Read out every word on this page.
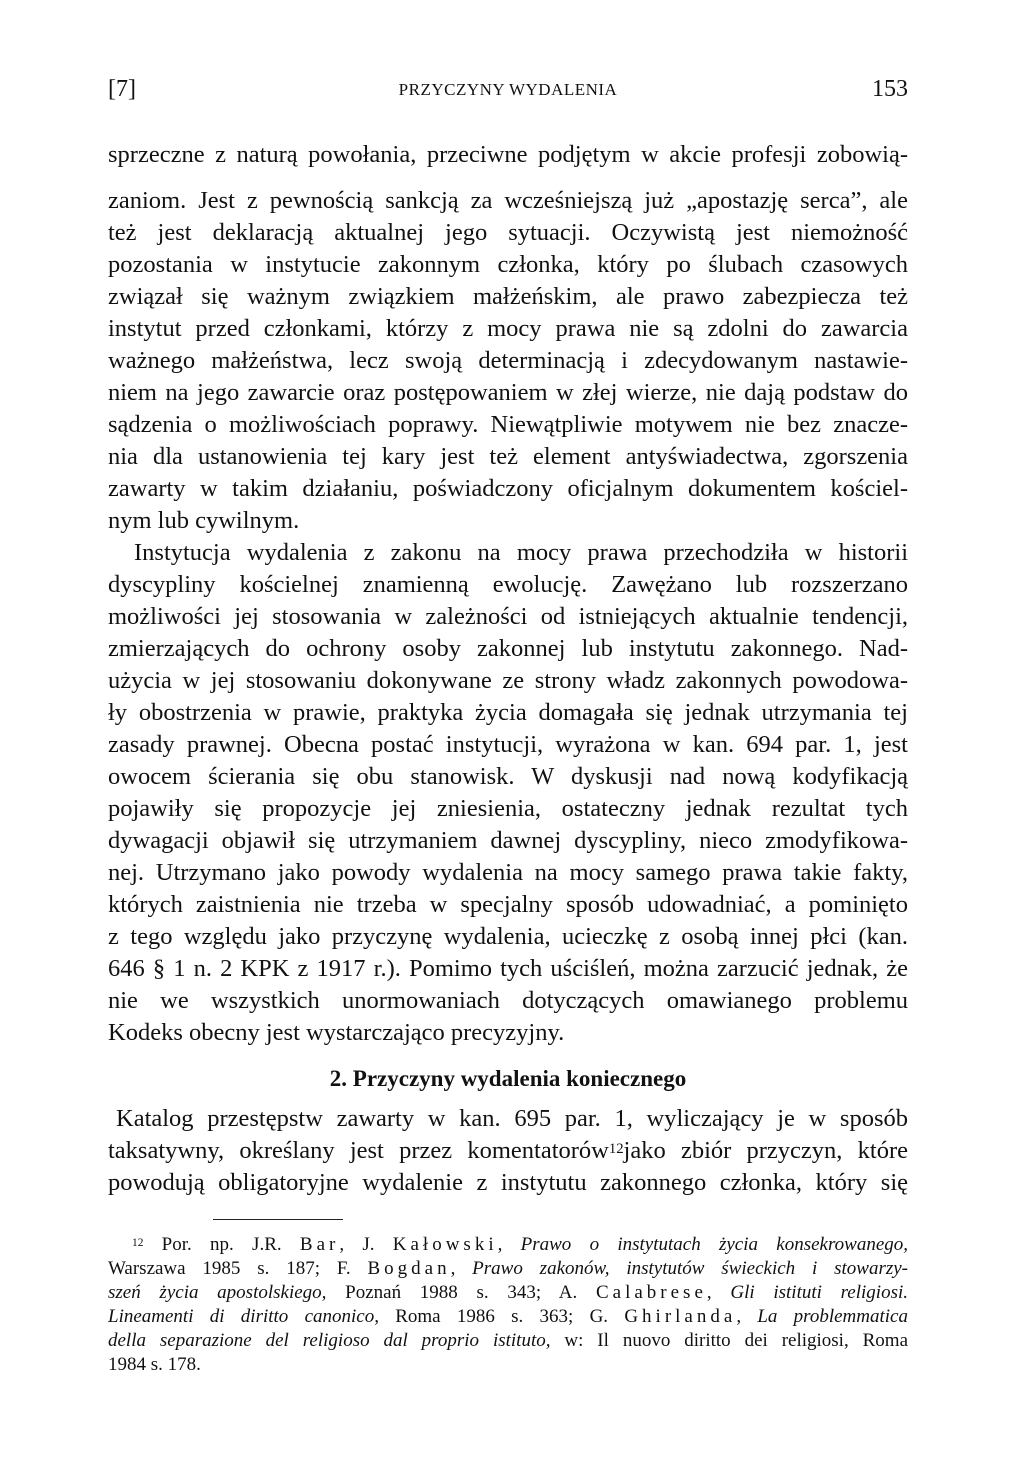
[7]	PRZYCZYNY WYDALENIA	153
sprzeczne z naturą powołania, przeciwne podjętym w akcie profesji zobowią-
zaniom. Jest z pewnością sankcją za wcześniejszą już „apostazję serca”, ale
też jest deklaracją aktualnej jego sytuacji. Oczywistą jest niemożność
pozostania w instytucie zakonnym członka, który po ślubach czasowych
związał się ważnym związkiem małżeńskim, ale prawo zabezpiecza też
instytut przed członkami, którzy z mocy prawa nie są zdolni do zawarcia
ważnego małżeństwa, lecz swoją determinacją i zdecydowanym nastawie-
niem na jego zawarcie oraz postępowaniem w złej wierze, nie dają podstaw do
sądzenia o możliwościach poprawy. Niewątpliwie motywem nie bez znacze-
nia dla ustanowienia tej kary jest też element antyświadectwa, zgorszenia
zawarty w takim działaniu, poświadczony oficjalnym dokumentem kościel-
nym lub cywilnym.
Instytucja wydalenia z zakonu na mocy prawa przechodziła w historii
dyscypliny kościelnej znamienną ewolucję. Zawężano lub rozszerzano
możliwości jej stosowania w zależności od istniejących aktualnie tendencji,
zmierzających do ochrony osoby zakonnej lub instytutu zakonnego. Nad-
użycia w jej stosowaniu dokonywane ze strony władz zakonnych powodowa-
ły obostrzenia w prawie, praktyka życia domagała się jednak utrzymania tej
zasady prawnej. Obecna postać instytucji, wyrażona w kan. 694 par. 1, jest
owocem ścierania się obu stanowisk. W dyskusji nad nową kodyfikacją
pojawiły się propozycje jej zniesienia, ostateczny jednak rezultat tych
dywagacji objawił się utrzymaniem dawnej dyscypliny, nieco zmodyfikowa-
nej. Utrzymano jako powody wydalenia na mocy samego prawa takie fakty,
których zaistnienia nie trzeba w specjalny sposób udowadniać, a pominięto
z tego względu jako przyczynę wydalenia, ucieczkę z osobą innej płci (kan.
646 § 1 n. 2 KPK z 1917 r.). Pomimo tych uściśleń, można zarzucić jednak, że
nie we wszystkich unormowaniach dotyczących omawianego problemu
Kodeks obecny jest wystarczająco precyzyjny.
2. Przyczyny wydalenia koniecznego
Katalog przestępstw zawarty w kan. 695 par. 1, wyliczający je w sposób
taksatywny, określany jest przez komentatorów$^{12}$jako zbiór przyczyn, które
powodują obligatoryjne wydalenie z instytutu zakonnego członka, który się
$^{12}$ Por. np. J.R. Bar, J. Kałowski, Prawo o instytutach życia konsekrowanego,
Warszawa 1985 s. 187; F. Bogdan, Prawo zakonów, instytutów świeckich i stowarzy-
szeń życia apostolskiego, Poznań 1988 s. 343; A. Calabrese, Gli istituti religiosi.
Lineamenti di diritto canonico, Roma 1986 s. 363; G. Ghirlanda, La problemmatica
della separazione del religioso dal proprio istituto, w: Il nuovo diritto dei religiosi, Roma
1984 s. 178.
